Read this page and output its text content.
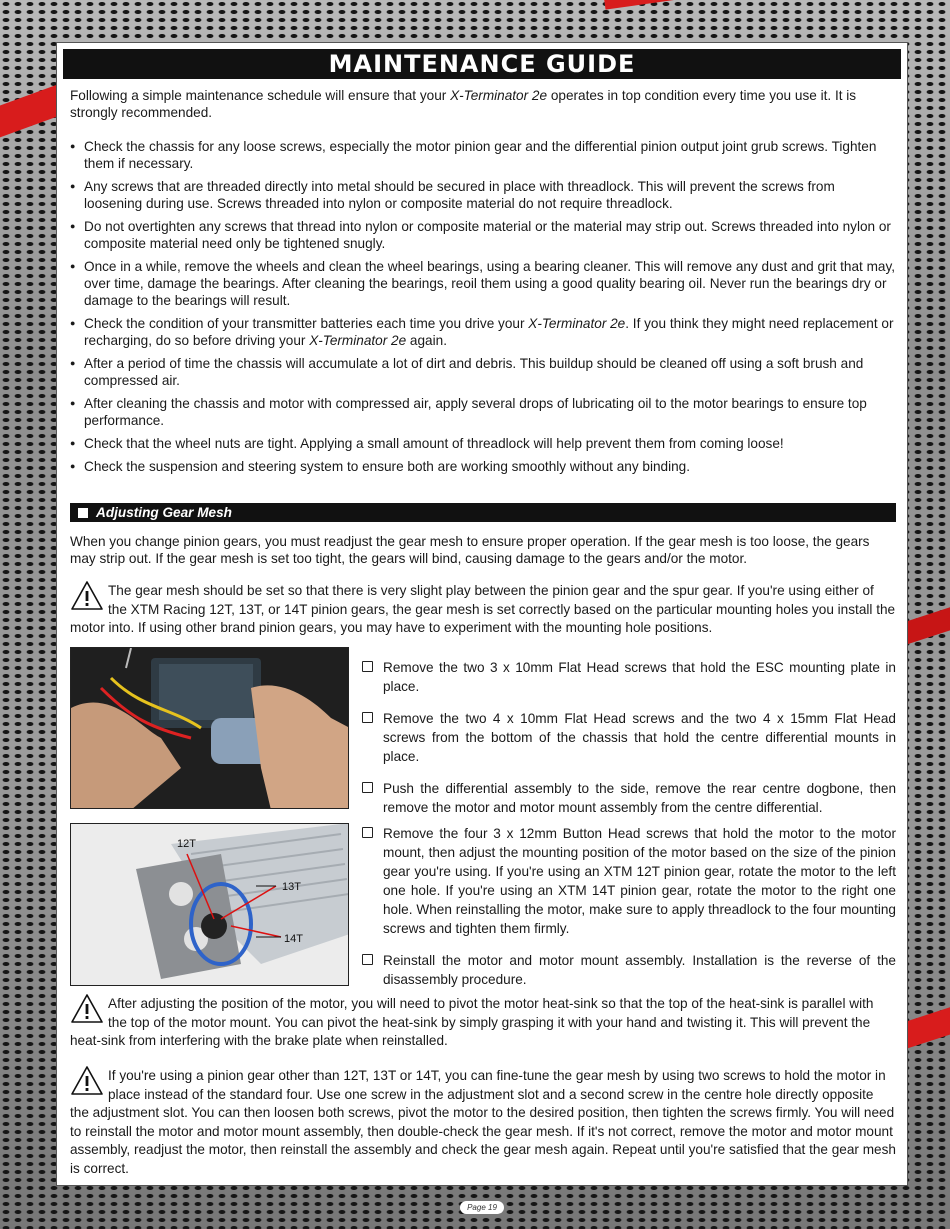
MAINTENANCE GUIDE
Following a simple maintenance schedule will ensure that your X-Terminator 2e operates in top condition every time you use it. It is strongly recommended.
● Check the chassis for any loose screws, especially the motor pinion gear and the differential pinion output joint grub screws. Tighten them if necessary.
● Any screws that are threaded directly into metal should be secured in place with threadlock. This will prevent the screws from loosening during use. Screws threaded into nylon or composite material do not require threadlock.
● Do not overtighten any screws that thread into nylon or composite material or the material may strip out. Screws threaded into nylon or composite material need only be tightened snugly.
● Once in a while, remove the wheels and clean the wheel bearings, using a bearing cleaner. This will remove any dust and grit that may, over time, damage the bearings. After cleaning the bearings, reoil them using a good quality bearing oil. Never run the bearings dry or damage to the bearings will result.
● Check the condition of your transmitter batteries each time you drive your X-Terminator 2e. If you think they might need replacement or recharging, do so before driving your X-Terminator 2e again.
● After a period of time the chassis will accumulate a lot of dirt and debris. This buildup should be cleaned off using a soft brush and compressed air.
● After cleaning the chassis and motor with compressed air, apply several drops of lubricating oil to the motor bearings to ensure top performance.
● Check that the wheel nuts are tight. Applying a small amount of threadlock will help prevent them from coming loose!
● Check the suspension and steering system to ensure both are working smoothly without any binding.
Adjusting Gear Mesh
When you change pinion gears, you must readjust the gear mesh to ensure proper operation. If the gear mesh is too loose, the gears may strip out. If the gear mesh is set too tight, the gears will bind, causing damage to the gears and/or the motor.
The gear mesh should be set so that there is very slight play between the pinion gear and the spur gear. If you're using either of the XTM Racing 12T, 13T, or 14T pinion gears, the gear mesh is set correctly based on the particular mounting holes you install the motor into. If using other brand pinion gears, you may have to experiment with the mounting hole positions.
Remove the two 3 x 10mm Flat Head screws that hold the ESC mounting plate in place.
Remove the two 4 x 10mm Flat Head screws and the two 4 x 15mm Flat Head screws from the bottom of the chassis that hold the centre differential mounts in place.
Push the differential assembly to the side, remove the rear centre dogbone, then remove the motor and motor mount assembly from the centre differential.
12T
13T
14T
Remove the four 3 x 12mm Button Head screws that hold the motor to the motor mount, then adjust the mounting position of the motor based on the size of the pinion gear you're using. If you're using an XTM 12T pinion gear, rotate the motor to the left one hole. If you're using an XTM 14T pinion gear, rotate the motor to the right one hole. When reinstalling the motor, make sure to apply threadlock to the four mounting screws and tighten them firmly.
Reinstall the motor and motor mount assembly. Installation is the reverse of the disassembly procedure.
After adjusting the position of the motor, you will need to pivot the motor heat-sink so that the top of the heat-sink is parallel with the top of the motor mount. You can pivot the heat-sink by simply grasping it with your hand and twisting it. This will prevent the heat-sink from interfering with the brake plate when reinstalled.
If you're using a pinion gear other than 12T, 13T or 14T, you can fine-tune the gear mesh by using two screws to hold the motor in place instead of the standard four. Use one screw in the adjustment slot and a second screw in the centre hole directly opposite the adjustment slot. You can then loosen both screws, pivot the motor to the desired position, then tighten the screws firmly. You will need to reinstall the motor and motor mount assembly, then double-check the gear mesh. If it's not correct, remove the motor and motor mount assembly, readjust the motor, then reinstall the assembly and check the gear mesh again. Repeat until you're satisfied that the gear mesh is correct.
Page 19
